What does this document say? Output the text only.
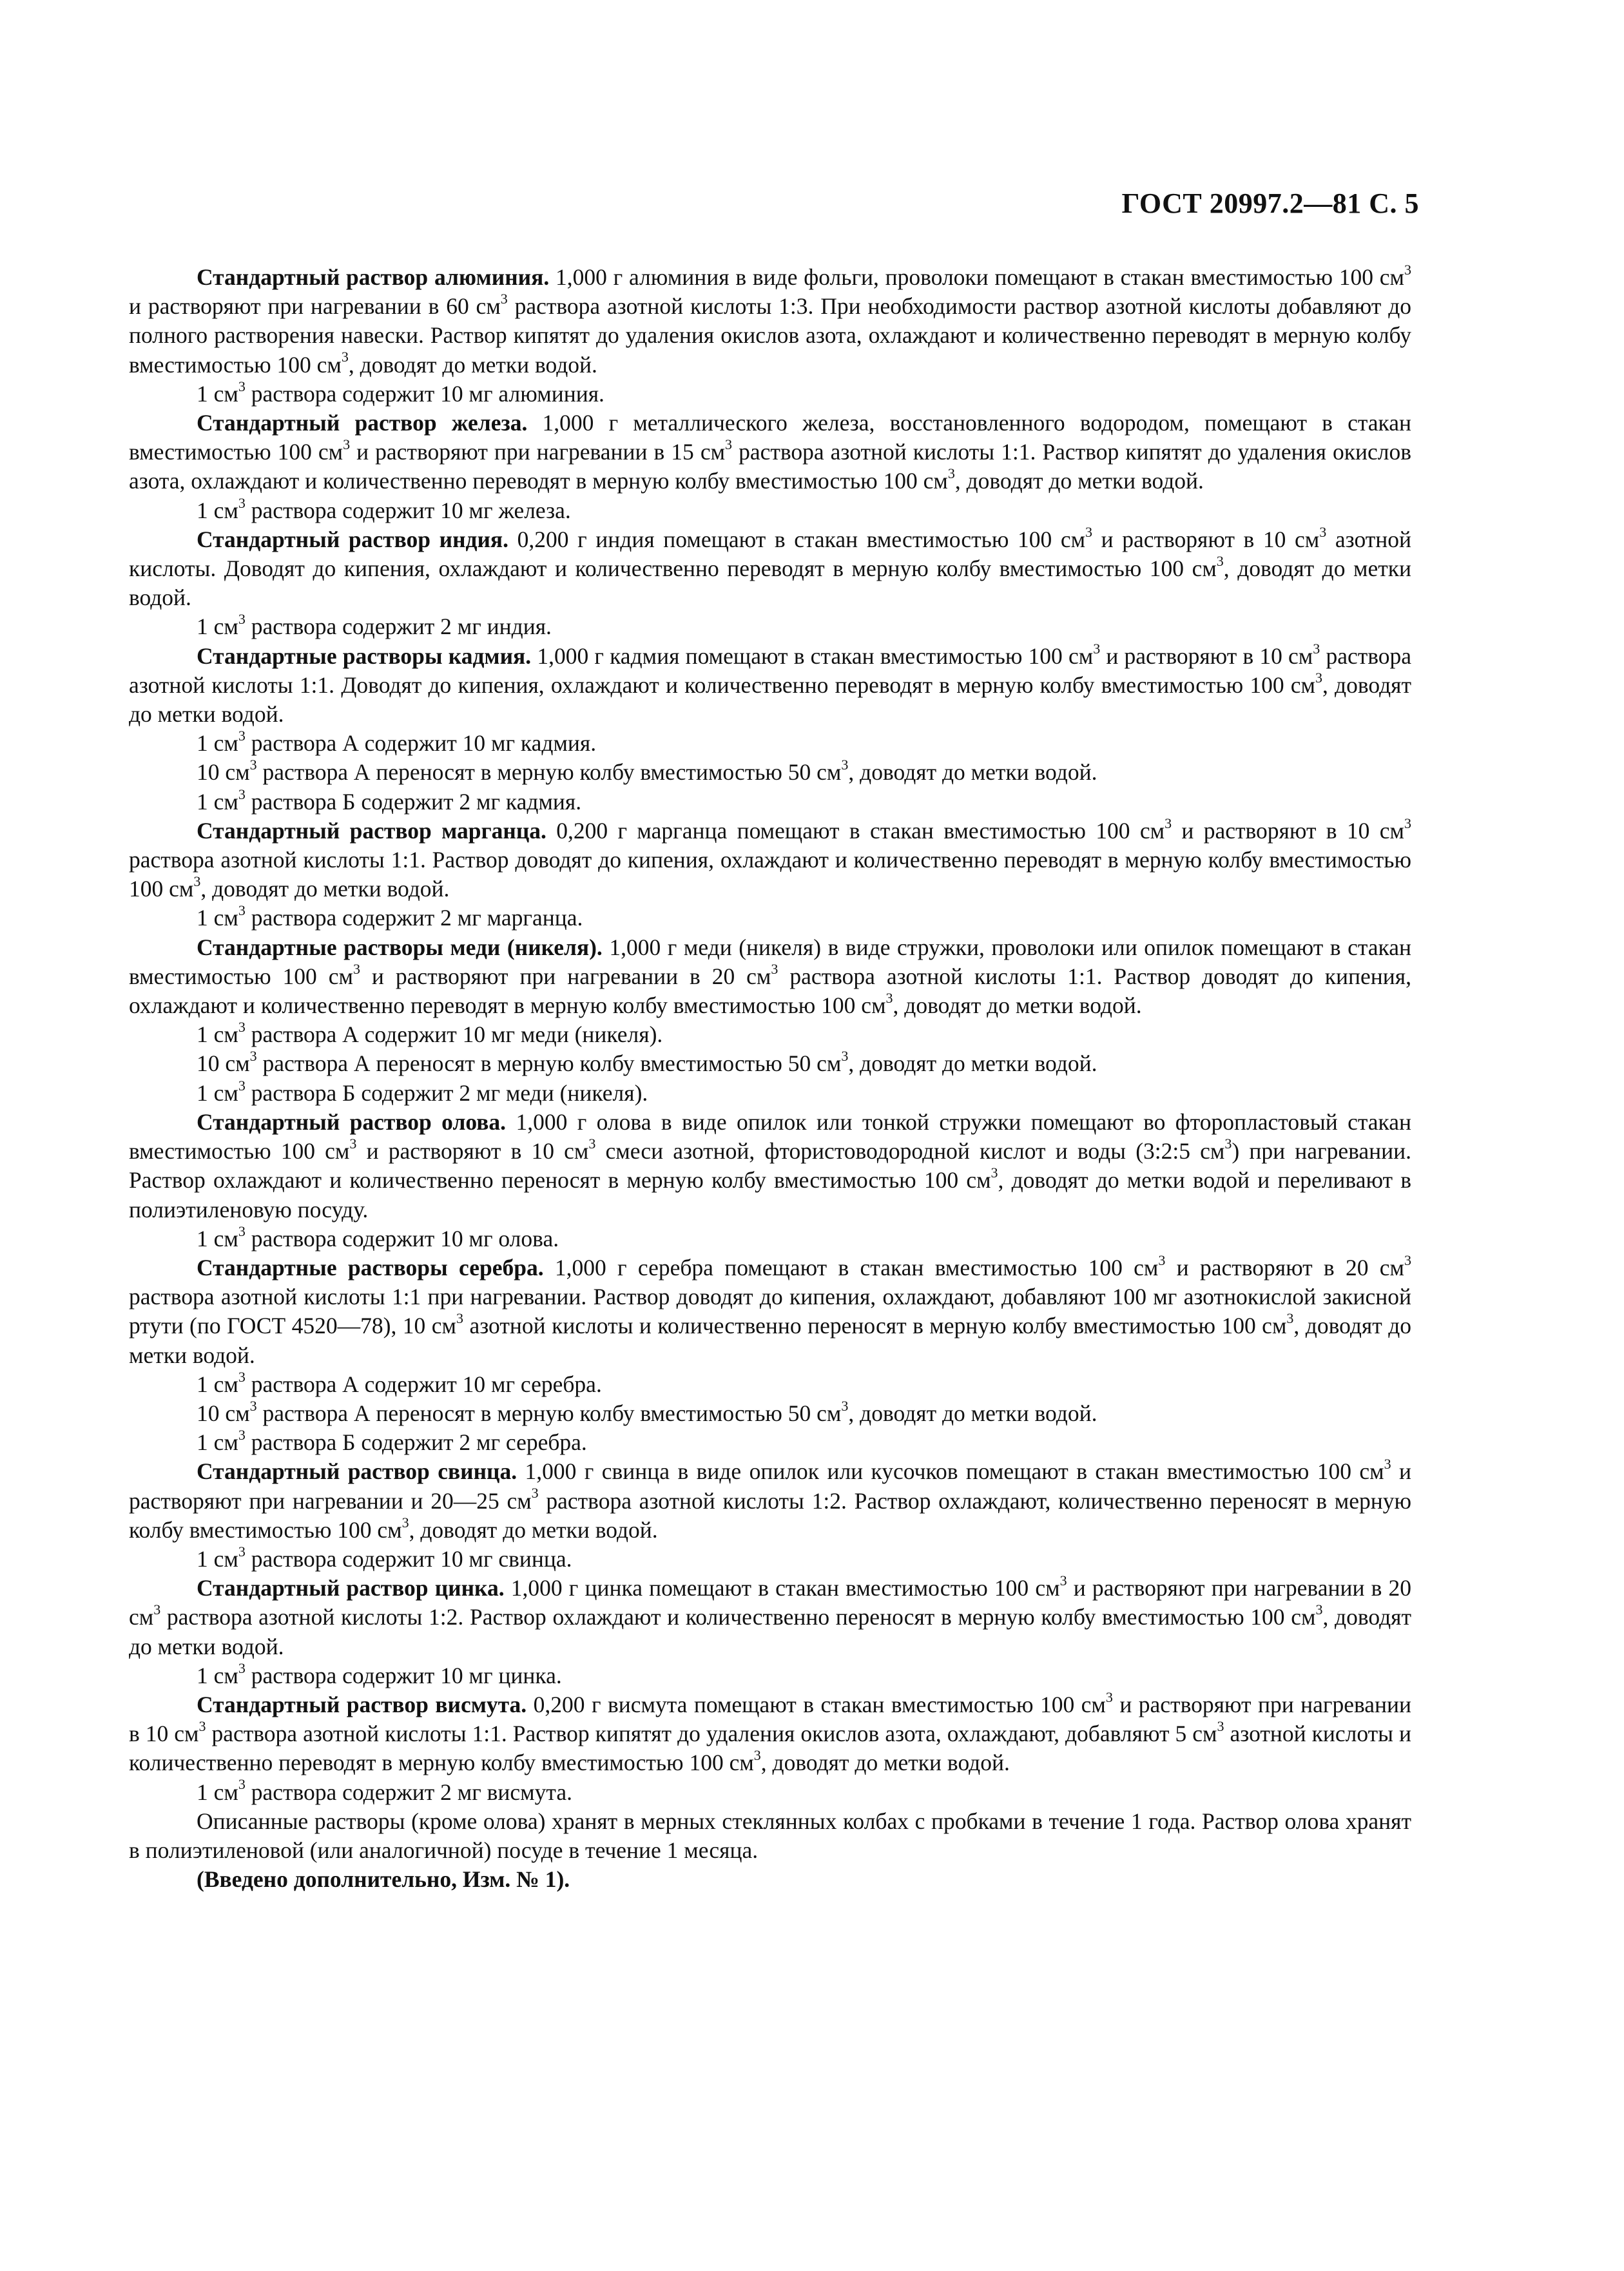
ГОСТ 20997.2—81 С. 5

Стандартный раствор алюминия. 1,000 г алюминия в виде фольги, проволоки помещают в стакан вместимостью 100 $см^3$ и растворяют при нагревании в 60 $см^3$ раствора азотной кислоты 1:3. При необходимости раствор азотной кислоты добавляют до полного растворения навески. Раствор кипятят до удаления окислов азота, охлаждают и количественно переводят в мерную колбу вместимостью 100 $см^3$, доводят до метки водой.

1 $см^3$ раствора содержит 10 мг алюминия.

Стандартный раствор железа. 1,000 г металлического железа, восстановленного водородом, помещают в стакан вместимостью 100 $см^3$ и растворяют при нагревании в 15 $см^3$ раствора азотной кислоты 1:1. Раствор кипятят до удаления окислов азота, охлаждают и количественно переводят в мерную колбу вместимостью 100 $см^3$, доводят до метки водой.

1 $см^3$ раствора содержит 10 мг железа.

Стандартный раствор индия. 0,200 г индия помещают в стакан вместимостью 100 $см^3$ и растворяют в 10 $см^3$ азотной кислоты. Доводят до кипения, охлаждают и количественно переводят в мерную колбу вместимостью 100 $см^3$, доводят до метки водой.

1 $см^3$ раствора содержит 2 мг индия.

Стандартные растворы кадмия. 1,000 г кадмия помещают в стакан вместимостью 100 $см^3$ и растворяют в 10 $см^3$ раствора азотной кислоты 1:1. Доводят до кипения, охлаждают и количественно переводят в мерную колбу вместимостью 100 $см^3$, доводят до метки водой.

1 $см^3$ раствора А содержит 10 мг кадмия.

10 $см^3$ раствора А переносят в мерную колбу вместимостью 50 $см^3$, доводят до метки водой.

1 $см^3$ раствора Б содержит 2 мг кадмия.

Стандартный раствор марганца. 0,200 г марганца помещают в стакан вместимостью 100 $см^3$ и растворяют в 10 $см^3$ раствора азотной кислоты 1:1. Раствор доводят до кипения, охлаждают и количественно переводят в мерную колбу вместимостью 100 $см^3$, доводят до метки водой.

1 $см^3$ раствора содержит 2 мг марганца.

Стандартные растворы меди (никеля). 1,000 г меди (никеля) в виде стружки, проволоки или опилок помещают в стакан вместимостью 100 $см^3$ и растворяют при нагревании в 20 $см^3$ раствора азотной кислоты 1:1. Раствор доводят до кипения, охлаждают и количественно переводят в мерную колбу вместимостью 100 $см^3$, доводят до метки водой.

1 $см^3$ раствора А содержит 10 мг меди (никеля).

10 $см^3$ раствора А переносят в мерную колбу вместимостью 50 $см^3$, доводят до метки водой.

1 $см^3$ раствора Б содержит 2 мг меди (никеля).

Стандартный раствор олова. 1,000 г олова в виде опилок или тонкой стружки помещают во фторопластовый стакан вместимостью 100 $см^3$ и растворяют в 10 $см^3$ смеси азотной, фтористоводородной кислот и воды (3:2:5 $см^3$) при нагревании. Раствор охлаждают и количественно переносят в мерную колбу вместимостью 100 $см^3$, доводят до метки водой и переливают в полиэтиленовую посуду.

1 $см^3$ раствора содержит 10 мг олова.

Стандартные растворы серебра. 1,000 г серебра помещают в стакан вместимостью 100 $см^3$ и растворяют в 20 $см^3$ раствора азотной кислоты 1:1 при нагревании. Раствор доводят до кипения, охлаждают, добавляют 100 мг азотнокислой закисной ртути (по ГОСТ 4520—78), 10 $см^3$ азотной кислоты и количественно переносят в мерную колбу вместимостью 100 $см^3$, доводят до метки водой.

1 $см^3$ раствора А содержит 10 мг серебра.

10 $см^3$ раствора А переносят в мерную колбу вместимостью 50 $см^3$, доводят до метки водой.

1 $см^3$ раствора Б содержит 2 мг серебра.

Стандартный раствор свинца. 1,000 г свинца в виде опилок или кусочков помещают в стакан вместимостью 100 $см^3$ и растворяют при нагревании и 20—25 $см^3$ раствора азотной кислоты 1:2. Раствор охлаждают, количественно переносят в мерную колбу вместимостью 100 $см^3$, доводят до метки водой.

1 $см^3$ раствора содержит 10 мг свинца.

Стандартный раствор цинка. 1,000 г цинка помещают в стакан вместимостью 100 $см^3$ и растворяют при нагревании в 20 $см^3$ раствора азотной кислоты 1:2. Раствор охлаждают и количественно переносят в мерную колбу вместимостью 100 $см^3$, доводят до метки водой.

1 $см^3$ раствора содержит 10 мг цинка.

Стандартный раствор висмута. 0,200 г висмута помещают в стакан вместимостью 100 $см^3$ и растворяют при нагревании в 10 $см^3$ раствора азотной кислоты 1:1. Раствор кипятят до удаления окислов азота, охлаждают, добавляют 5 $см^3$ азотной кислоты и количественно переводят в мерную колбу вместимостью 100 $см^3$, доводят до метки водой.

1 $см^3$ раствора содержит 2 мг висмута.

Описанные растворы (кроме олова) хранят в мерных стеклянных колбах с пробками в течение 1 года. Раствор олова хранят в полиэтиленовой (или аналогичной) посуде в течение 1 месяца.

(Введено дополнительно, Изм. № 1).
